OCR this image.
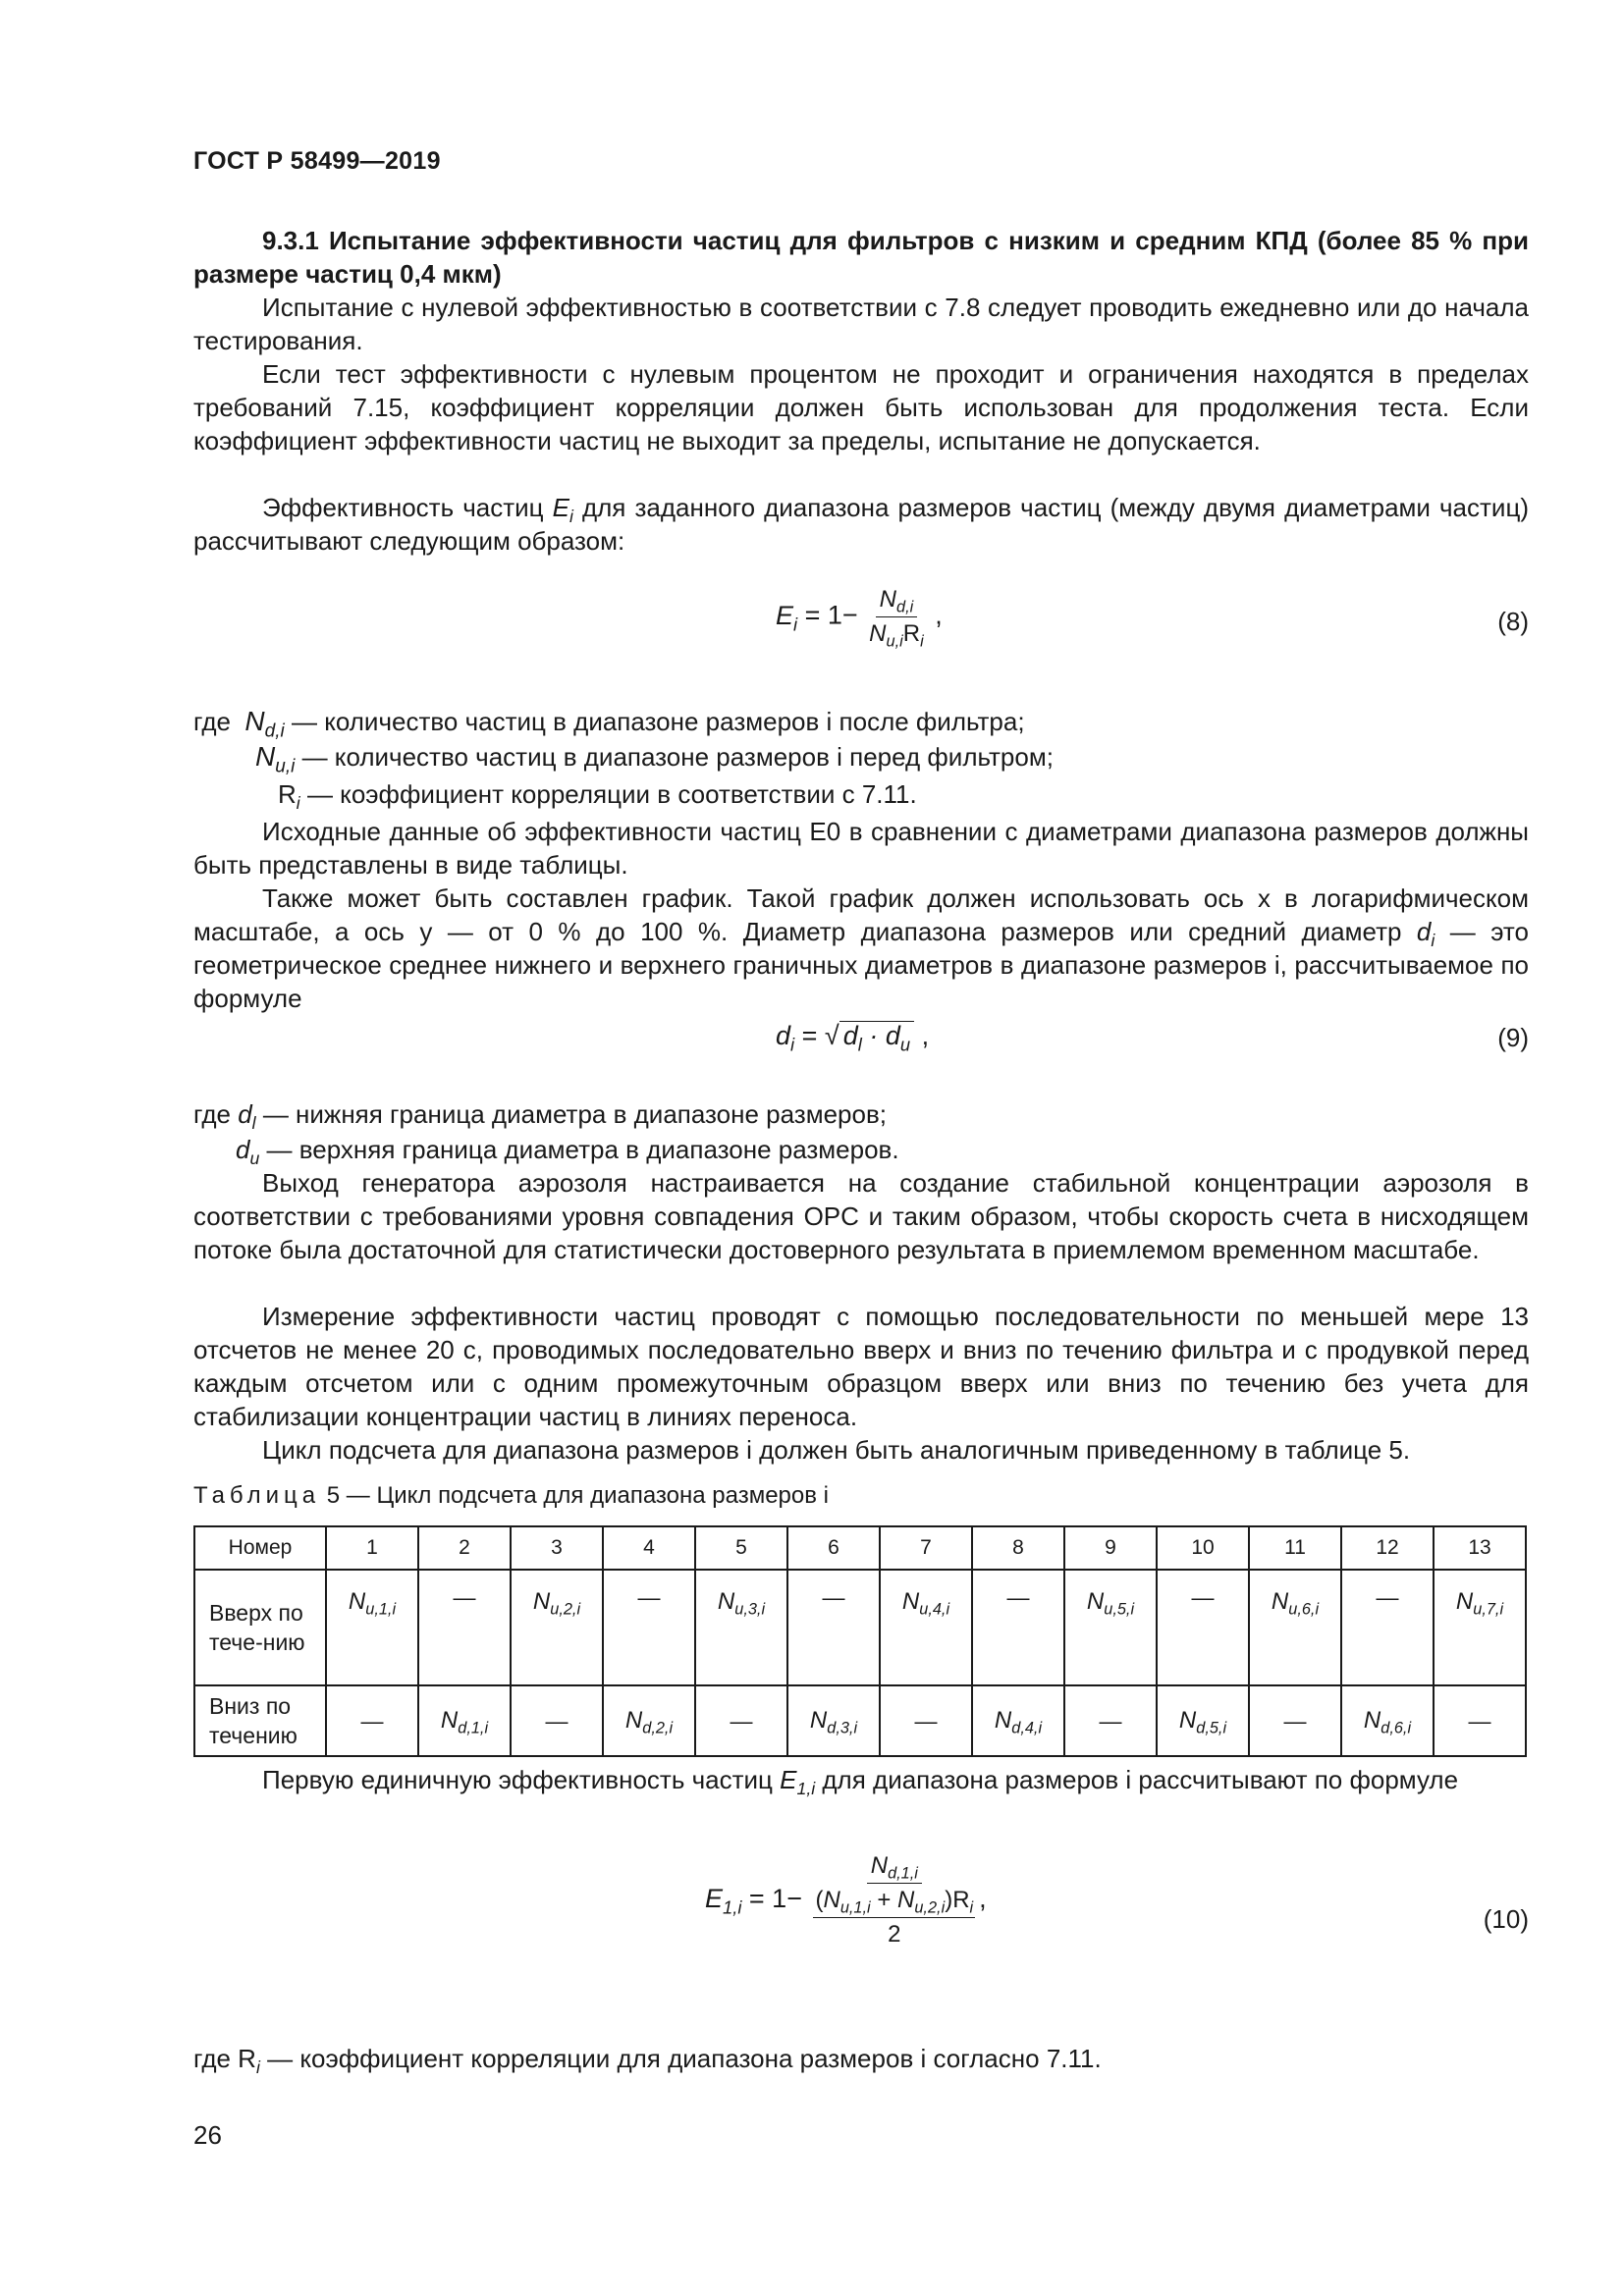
ГОСТ Р 58499—2019
9.3.1 Испытание эффективности частиц для фильтров с низким и средним КПД (более 85 % при размере частиц 0,4 мкм)
Испытание с нулевой эффективностью в соответствии с 7.8 следует проводить ежедневно или до начала тестирования.
Если тест эффективности с нулевым процентом не проходит и ограничения находятся в пределах требований 7.15, коэффициент корреляции должен быть использован для продолжения теста. Если коэффициент эффективности частиц не выходит за пределы, испытание не допускается.
Эффективность частиц $E_i$ для заданного диапазона размеров частиц (между двумя диаметрами частиц) рассчитывают следующим образом:
$E_i = 1- \frac{N_{d,i}}{N_{u,i}R_i}$ ,	(8)
где $N_{d,i}$ — количество частиц в диапазоне размеров i после фильтра;
$N_{u,i}$ — количество частиц в диапазоне размеров i перед фильтром;
$R_i$ — коэффициент корреляции в соответствии с 7.11.
Исходные данные об эффективности частиц E0 в сравнении с диаметрами диапазона размеров должны быть представлены в виде таблицы.
Также может быть составлен график. Такой график должен использовать ось x в логарифмическом масштабе, а ось y — от 0 % до 100 %. Диаметр диапазона размеров или средний диаметр $d_i$ — это геометрическое среднее нижнего и верхнего граничных диаметров в диапазоне размеров i, рассчитываемое по формуле
$d_i$ = √ $d_l \cdot d_u$ ,	(9)
где $d_l$ — нижняя граница диаметра в диапазоне размеров;
$d_u$ — верхняя граница диаметра в диапазоне размеров.
Выход генератора аэрозоля настраивается на создание стабильной концентрации аэрозоля в соответствии с требованиями уровня совпадения ОPC и таким образом, чтобы скорость счета в нисходящем потоке была достаточной для статистически достоверного результата в приемлемом временном масштабе.
Измерение эффективности частиц проводят с помощью последовательности по меньшей мере 13 отсчетов не менее 20 с, проводимых последовательно вверх и вниз по течению фильтра и с продувкой перед каждым отсчетом или с одним промежуточным образцом вверх или вниз по течению без учета для стабилизации концентрации частиц в линиях переноса.
Цикл подсчета для диапазона размеров i должен быть аналогичным приведенному в таблице 5.
Таблица 5 — Цикл подсчета для диапазона размеров i
Номер	1	2	3	4	5	6	7	8	9	10	11	12	13
Вверх по тече-нию	$N_{u,1,i}$	—	$N_{u,2,i}$	—	$N_{u,3,i}$	—	$N_{u,4,i}$	—	$N_{u,5,i}$	—	$N_{u,6,i}$	—	$N_{u,7,i}$
Вниз по течению	—	$N_{d,1,i}$	—	$N_{d,2,i}$	—	$N_{d,3,i}$	—	$N_{d,4,i}$	—	$N_{d,5,i}$	—	$N_{d,6,i}$	—
Первую единичную эффективность частиц $E_{1,i}$ для диапазона размеров i рассчитывают по формуле
$E_{1,i} = 1- N_{d,1,i}$
$(N_{u,1,i} + N_{u,2,i})R_i$
2 ,
(10)
где $R_i$ — коэффициент корреляции для диапазона размеров i согласно 7.11.
26
